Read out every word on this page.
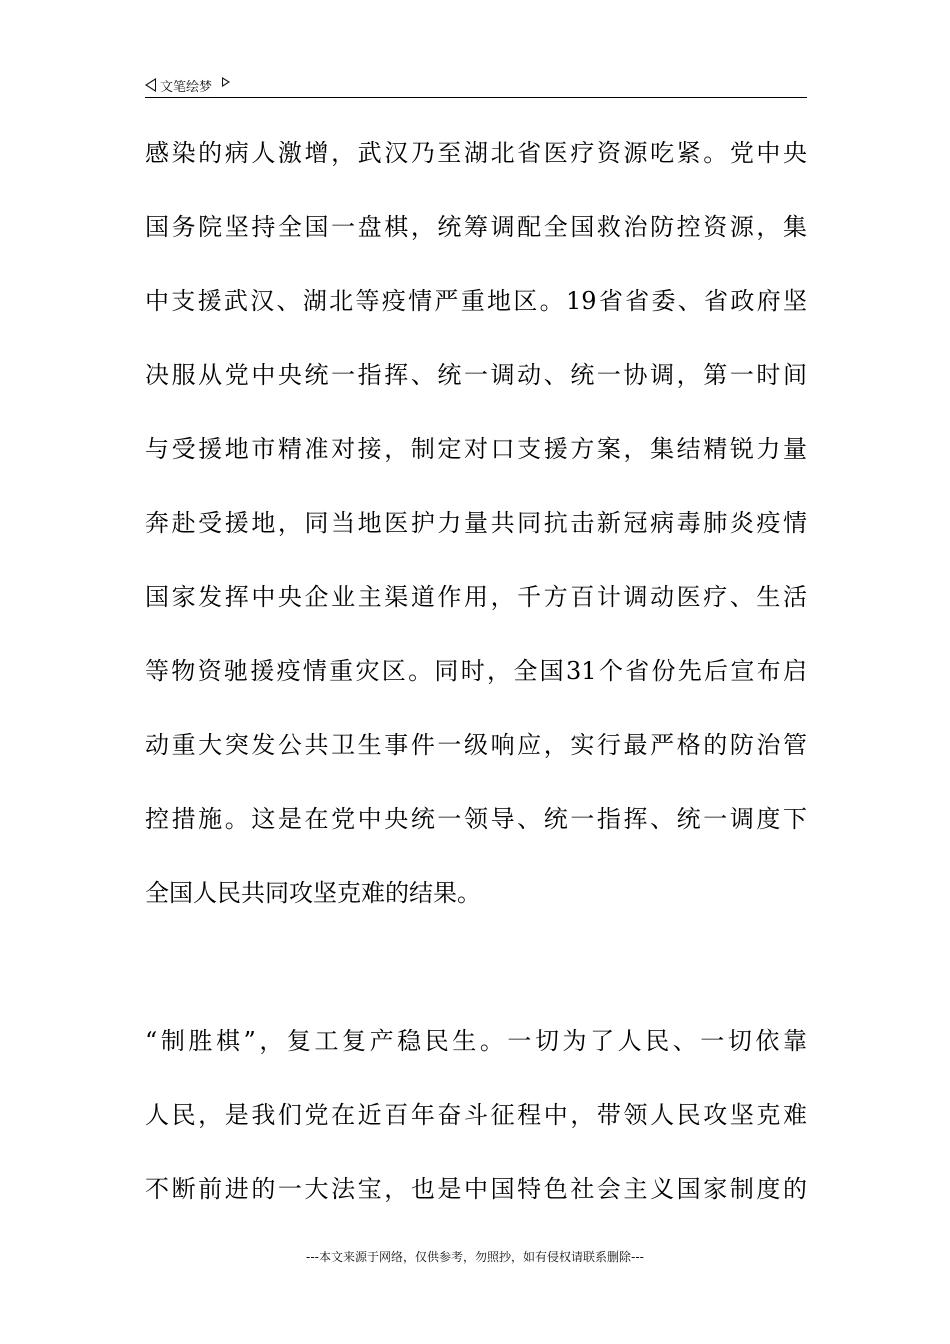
文笔绘梦
感染的病人激增，武汉乃至湖北省医疗资源吃紧。党中央
国务院坚持全国一盘棋，统筹调配全国救治防控资源，集
中支援武汉、湖北等疫情严重地区。19省省委、省政府坚
决服从党中央统一指挥、统一调动、统一协调，第一时间
与受援地市精准对接，制定对口支援方案，集结精锐力量
奔赴受援地，同当地医护力量共同抗击新冠病毒肺炎疫情
国家发挥中央企业主渠道作用，千方百计调动医疗、生活
等物资驰援疫情重灾区。同时，全国31个省份先后宣布启
动重大突发公共卫生事件一级响应，实行最严格的防治管
控措施。这是在党中央统一领导、统一指挥、统一调度下
全国人民共同攻坚克难的结果。
“制胜棋”，复工复产稳民生。一切为了人民、一切依靠
人民，是我们党在近百年奋斗征程中，带领人民攻坚克难
不断前进的一大法宝，也是中国特色社会主义国家制度的
---本文来源于网络，仅供参考，勿照抄，如有侵权请联系删除---
